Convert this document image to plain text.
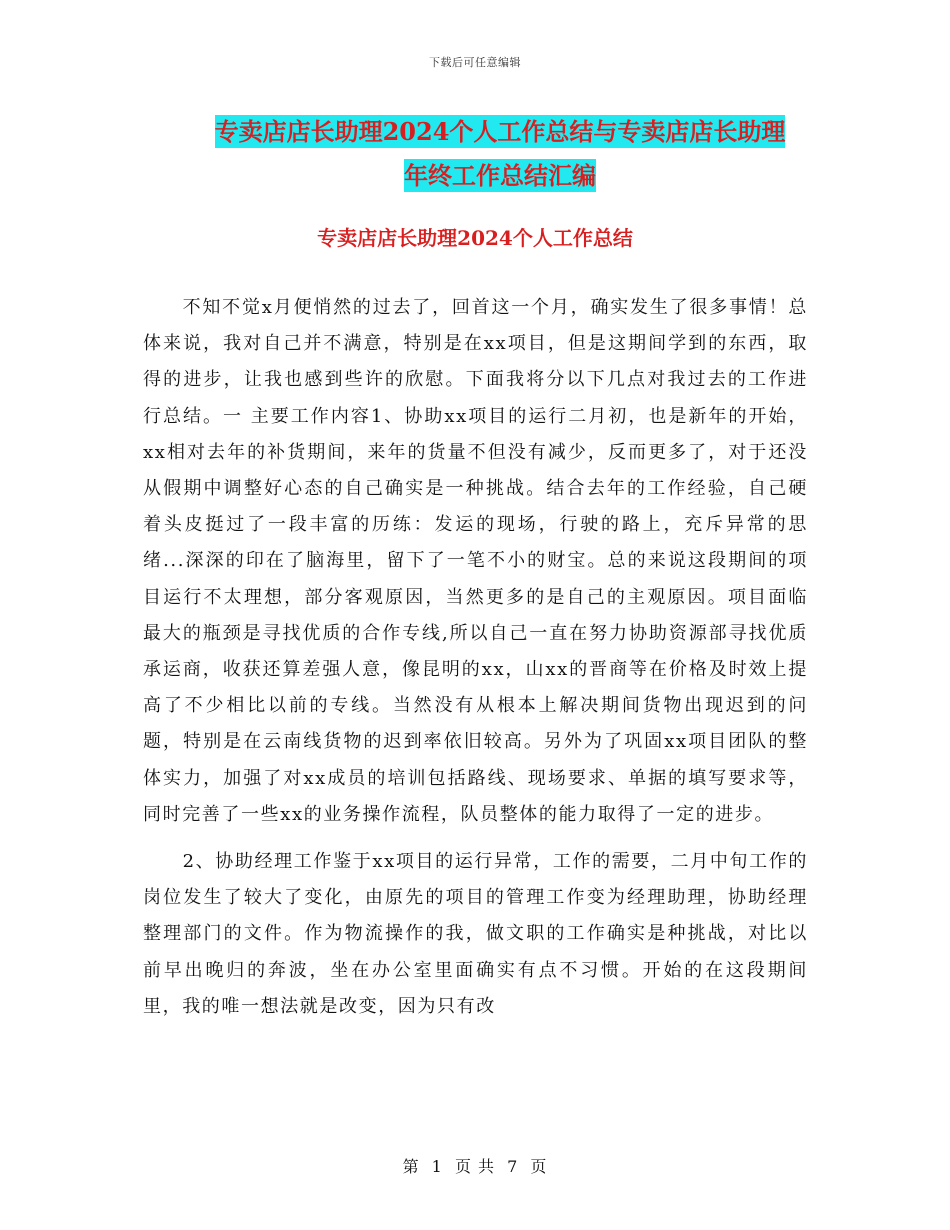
下载后可任意编辑
专卖店店长助理2024个人工作总结与专卖店店长助理
年终工作总结汇编
专卖店店长助理2024个人工作总结

不知不觉x月便悄然的过去了，回首这一个月，确实发生了很多事情！总体来说，我对自己并不满意，特别是在xx项目，但是这期间学到的东西，取得的进步，让我也感到些许的欣慰。下面我将分以下几点对我过去的工作进行总结。一 主要工作内容1、协助xx项目的运行二月初，也是新年的开始，xx相对去年的补货期间，来年的货量不但没有减少，反而更多了，对于还没从假期中调整好心态的自己确实是一种挑战。结合去年的工作经验，自己硬着头皮挺过了一段丰富的历练：发运的现场，行驶的路上，充斥异常的思绪...深深的印在了脑海里，留下了一笔不小的财宝。总的来说这段期间的项目运行不太理想，部分客观原因，当然更多的是自己的主观原因。项目面临最大的瓶颈是寻找优质的合作专线,所以自己一直在努力协助资源部寻找优质承运商，收获还算差强人意，像昆明的xx，山xx的晋商等在价格及时效上提高了不少相比以前的专线。当然没有从根本上解决期间货物出现迟到的问题，特别是在云南线货物的迟到率依旧较高。另外为了巩固xx项目团队的整体实力，加强了对xx成员的培训包括路线、现场要求、单据的填写要求等，同时完善了一些xx的业务操作流程，队员整体的能力取得了一定的进步。

2、协助经理工作鉴于xx项目的运行异常，工作的需要，二月中旬工作的岗位发生了较大了变化，由原先的项目的管理工作变为经理助理，协助经理整理部门的文件。作为物流操作的我，做文职的工作确实是种挑战，对比以前早出晚归的奔波，坐在办公室里面确实有点不习惯。开始的在这段期间里，我的唯一想法就是改变，因为只有改

第 1 页 共 7 页
